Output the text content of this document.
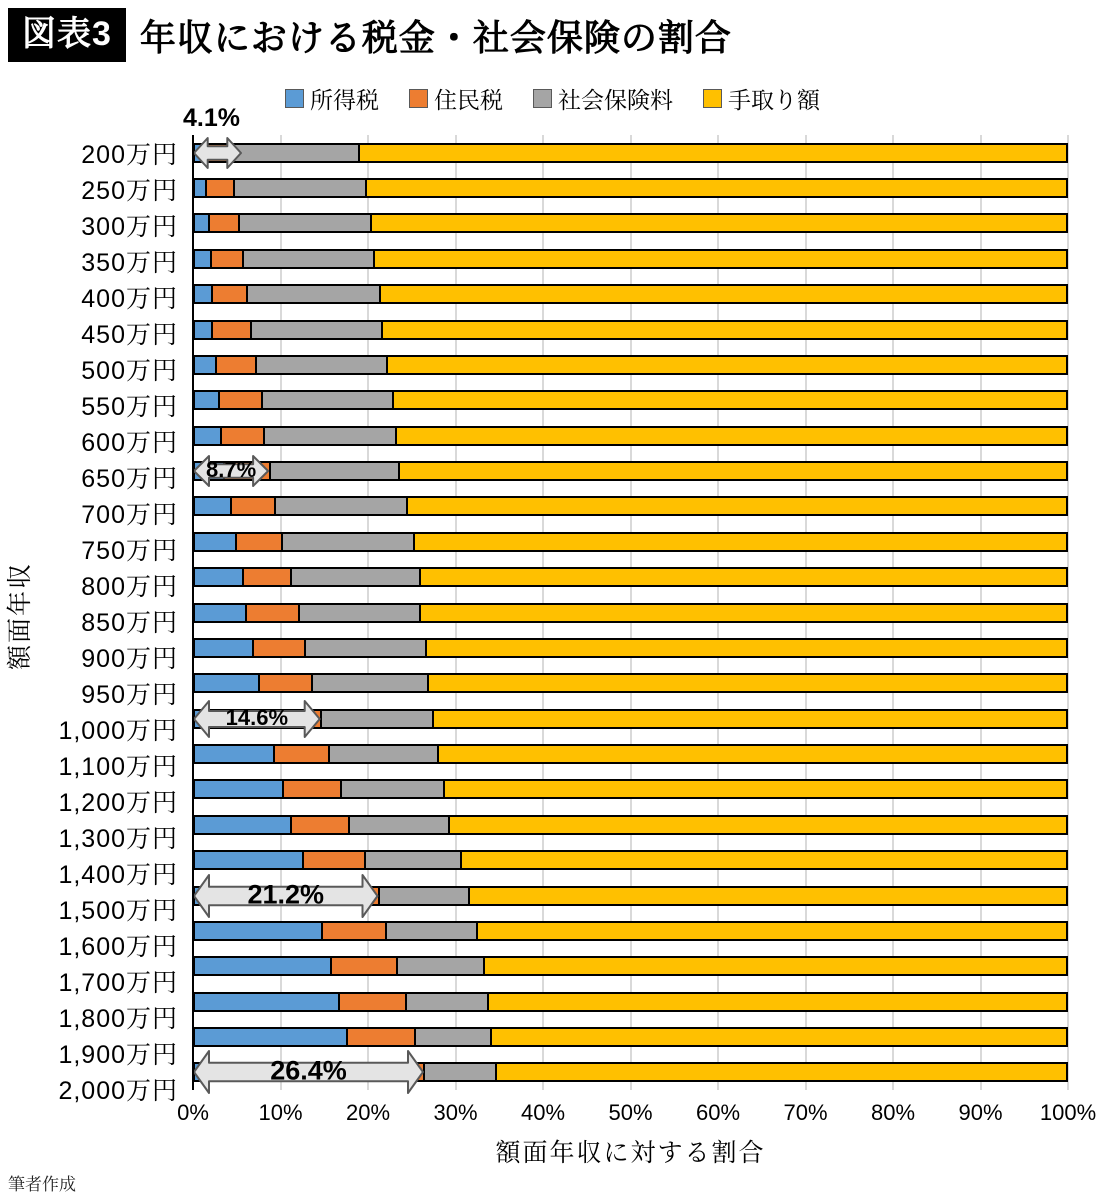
図表3 年収における税金・社会保険の割合
所得税 住民税 社会保険料 手取り額
額面年収
200万円
250万円
300万円
350万円
400万円
450万円
500万円
550万円
600万円
650万円
700万円
750万円
800万円
850万円
900万円
950万円
1,000万円
1,100万円
1,200万円
1,300万円
1,400万円
1,500万円
1,600万円
1,700万円
1,800万円
1,900万円
2,000万円
4.1%
8.7%
14.6%
21.2%
26.4%
0% 10% 20% 30% 40% 50% 60% 70% 80% 90% 100%
額面年収に対する割合
筆者作成
